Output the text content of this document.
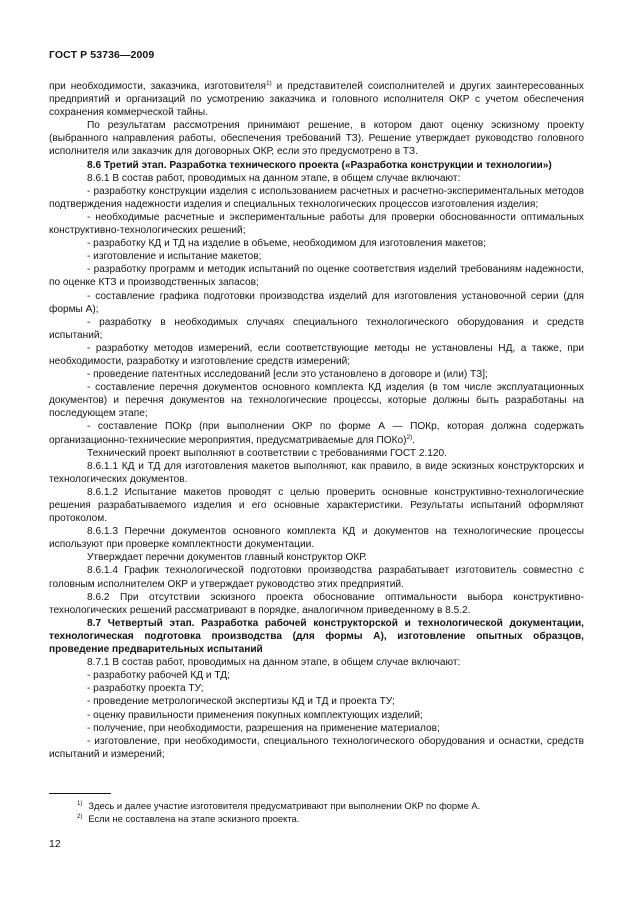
ГОСТ Р 53736—2009

при необходимости, заказчика, изготовителя$^{1)}$ и представителей соисполнителей и других заинтересованных предприятий и организаций по усмотрению заказчика и головного исполнителя ОКР с учетом обеспечения сохранения коммерческой тайны.

По результатам рассмотрения принимают решение, в котором дают оценку эскизному проекту (выбранного направления работы, обеспечения требований ТЗ). Решение утверждает руководство головного исполнителя или заказчик для договорных ОКР, если это предусмотрено в ТЗ.

8.6 Третий этап. Разработка технического проекта («Разработка конструкции и технологии»)

8.6.1 В состав работ, проводимых на данном этапе, в общем случае включают:

- разработку конструкции изделия с использованием расчетных и расчетно-экспериментальных методов подтверждения надежности изделия и специальных технологических процессов изготовления изделия;

- необходимые расчетные и экспериментальные работы для проверки обоснованности оптимальных конструктивно-технологических решений;

- разработку КД и ТД на изделие в объеме, необходимом для изготовления макетов;

- изготовление и испытание макетов;

- разработку программ и методик испытаний по оценке соответствия изделий требованиям надежности, по оценке КТЗ и производственных запасов;

- составление графика подготовки производства изделий для изготовления установочной серии (для формы А);

- разработку в необходимых случаях специального технологического оборудования и средств испытаний;

- разработку методов измерений, если соответствующие методы не установлены НД, а также, при необходимости, разработку и изготовление средств измерений;

- проведение патентных исследований [если это установлено в договоре и (или) ТЗ];

- составление перечня документов основного комплекта КД изделия (в том числе эксплуатационных документов) и перечня документов на технологические процессы, которые должны быть разработаны на последующем этапе;

- составление ПОКр (при выполнении ОКР по форме А — ПОКр, которая должна содержать организационно-технические мероприятия, предусматриваемые для ПОКо)$^{2)}$.

Технический проект выполняют в соответствии с требованиями ГОСТ 2.120.

8.6.1.1 КД и ТД для изготовления макетов выполняют, как правило, в виде эскизных конструкторских и технологических документов.

8.6.1.2 Испытание макетов проводят с целью проверить основные конструктивно-технологические решения разрабатываемого изделия и его основные характеристики. Результаты испытаний оформляют протоколом.

8.6.1.3 Перечни документов основного комплекта КД и документов на технологические процессы используют при проверке комплектности документации.

Утверждает перечни документов главный конструктор ОКР.

8.6.1.4 График технологической подготовки производства разрабатывает изготовитель совместно с головным исполнителем ОКР и утверждает руководство этих предприятий.

8.6.2 При отсутствии эскизного проекта обоснование оптимальности выбора конструктивно-технологических решений рассматривают в порядке, аналогичном приведенному в 8.5.2.

8.7 Четвертый этап. Разработка рабочей конструкторской и технологической документации, технологическая подготовка производства (для формы А), изготовление опытных образцов, проведение предварительных испытаний

8.7.1 В состав работ, проводимых на данном этапе, в общем случае включают:

- разработку рабочей КД и ТД;

- разработку проекта ТУ;

- проведение метрологической экспертизы КД и ТД и проекта ТУ;

- оценку правильности применения покупных комплектующих изделий;

- получение, при необходимости, разрешения на применение материалов;

- изготовление, при необходимости, специального технологического оборудования и оснастки, средств испытаний и измерений;

$^{1)}$ Здесь и далее участие изготовителя предусматривают при выполнении ОКР по форме А.

$^{2)}$ Если не составлена на этапе эскизного проекта.

12
